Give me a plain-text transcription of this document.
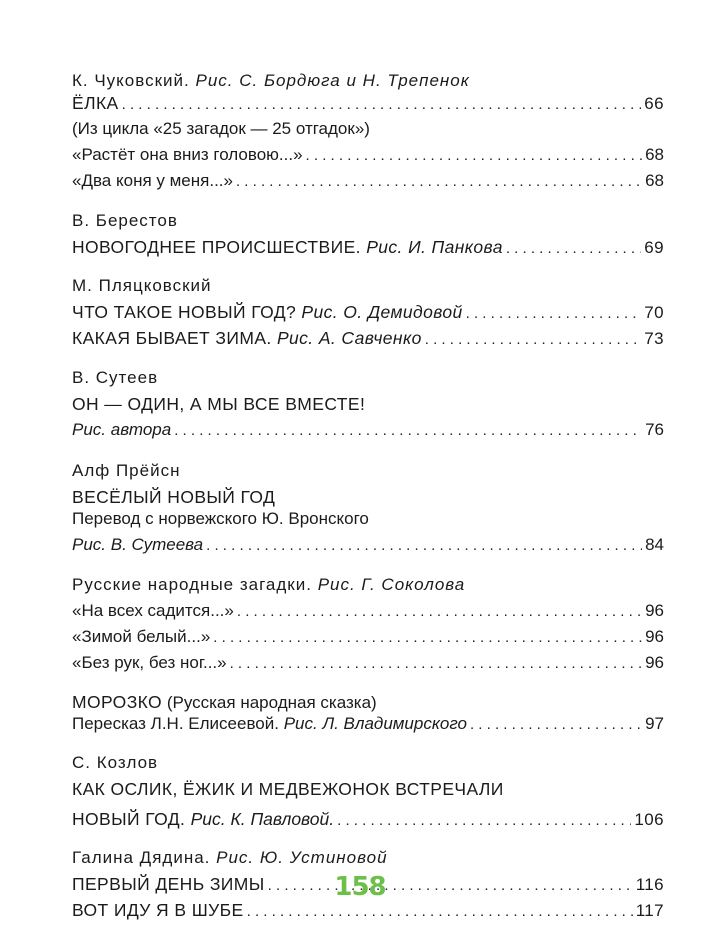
К. Чуковский.
Рис. С. Бордюга и Н. Трепенок
ЁЛКА . . .	66
(Из цикла «25 загадок — 25 отгадок»)
«Растёт она вниз головою...» . . .	68
«Два коня у меня...» . . .	68
В. Берестов
НОВОГОДНЕЕ ПРОИСШЕСТВИЕ.
Рис. И. Панкова . . .	69
М. Пляцковский
ЧТО ТАКОЕ НОВЫЙ ГОД?
Рис. О. Демидовой . . .	70
КАКАЯ БЫВАЕТ ЗИМА.
Рис. А. Савченко . . .	73
В. Сутеев
ОН — ОДИН, А МЫ ВСЕ ВМЕСТЕ!
Рис. автора . . .	76
Алф Прёйсн
ВЕСЁЛЫЙ НОВЫЙ ГОД
Перевод с норвежского Ю. Вронского
Рис. В. Сутеева . . .	84
Русские народные загадки.
Рис. Г. Соколова
«На всех садится...» . . .	96
«Зимой белый...» . . .	96
«Без рук, без ног...» . . .	96
МОРОЗКО
(Русская народная сказка)
Пересказ Л.Н. Елисеевой.
Рис. Л. Владимирского . . .	97
С. Козлов
КАК ОСЛИК, ЁЖИК И МЕДВЕЖОНОК ВСТРЕЧАЛИ
НОВЫЙ ГОД.
Рис. К. Павловой. . . .	106
Галина Дядина.
Рис. Ю. Устиновой
ПЕРВЫЙ ДЕНЬ ЗИМЫ . . .	116
ВОТ ИДУ Я В ШУБЕ . . .	117
158
